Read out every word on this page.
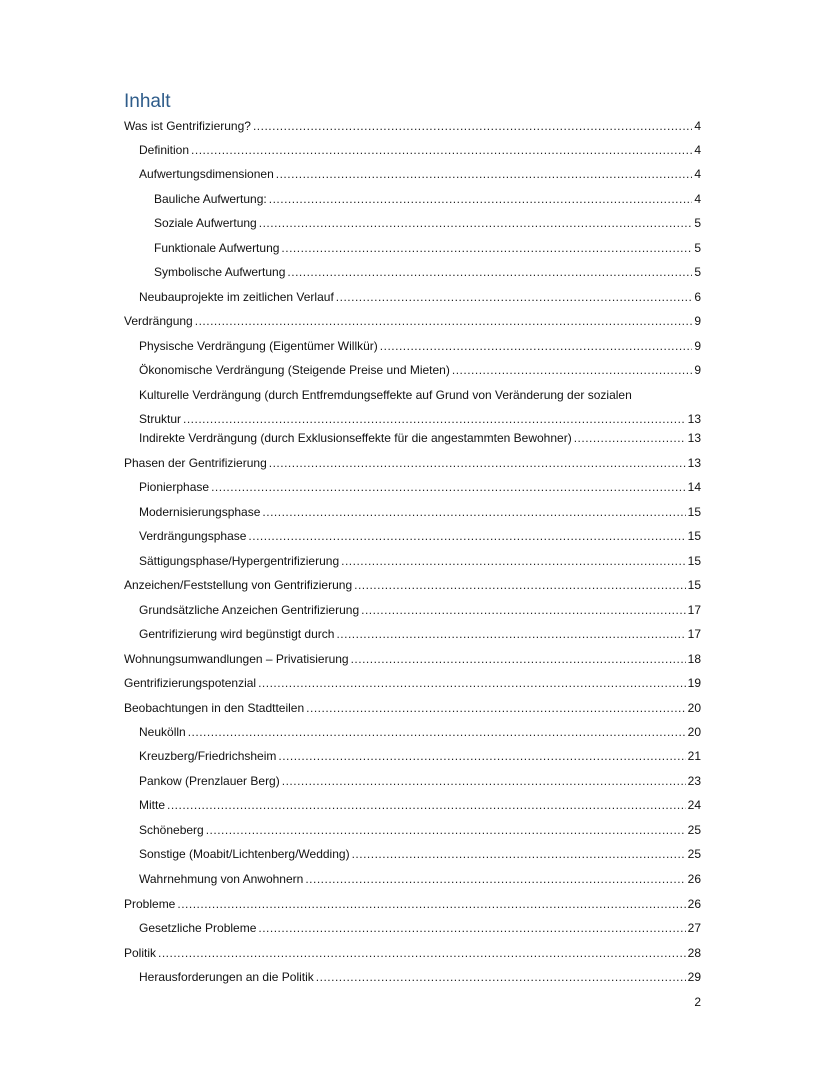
Inhalt
Was ist Gentrifizierung? .....	4
Definition .....	4
Aufwertungsdimensionen .....	4
Bauliche Aufwertung: .....	4
Soziale Aufwertung .....	5
Funktionale Aufwertung .....	5
Symbolische Aufwertung .....	5
Neubauprojekte im zeitlichen Verlauf .....	6
Verdrängung .....	9
Physische Verdrängung (Eigentümer Willkür) .....	9
Ökonomische Verdrängung (Steigende Preise und Mieten) .....	9
Kulturelle Verdrängung (durch Entfremdungseffekte auf Grund von Veränderung der sozialen
Struktur .....	13
Indirekte Verdrängung (durch Exklusionseffekte für die angestammten Bewohner) .....	13
Phasen der Gentrifizierung .....	13
Pionierphase .....	14
Modernisierungsphase .....	15
Verdrängungsphase .....	15
Sättigungsphase/Hypergentrifizierung .....	15
Anzeichen/Feststellung von Gentrifizierung .....	15
Grundsätzliche Anzeichen Gentrifizierung .....	17
Gentrifizierung wird begünstigt durch .....	17
Wohnungsumwandlungen – Privatisierung .....	18
Gentrifizierungspotenzial .....	19
Beobachtungen in den Stadtteilen .....	20
Neukölln .....	20
Kreuzberg/Friedrichsheim .....	21
Pankow (Prenzlauer Berg) .....	23
Mitte .....	24
Schöneberg .....	25
Sonstige (Moabit/Lichtenberg/Wedding) .....	25
Wahrnehmung von Anwohnern .....	26
Probleme .....	26
Gesetzliche Probleme .....	27
Politik .....	28
Herausforderungen an die Politik .....	29
2
